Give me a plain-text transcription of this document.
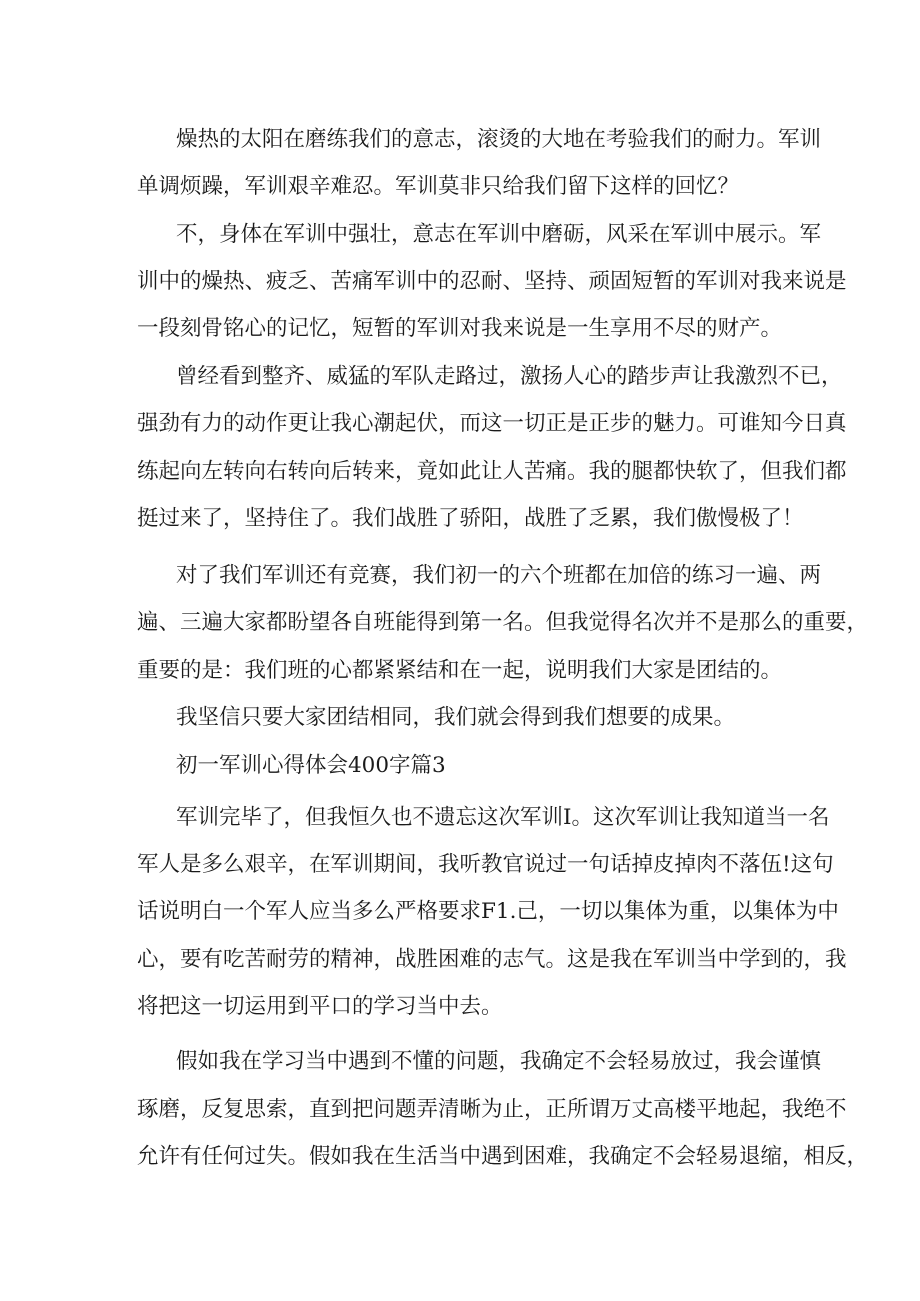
燥热的太阳在磨练我们的意志，滚烫的大地在考验我们的耐力。军训
单调烦躁，军训艰辛难忍。军训莫非只给我们留下这样的回忆？
不，身体在军训中强壮，意志在军训中磨砺，风采在军训中展示。军
训中的燥热、疲乏、苦痛军训中的忍耐、坚持、顽固短暂的军训对我来说是
一段刻骨铭心的记忆，短暂的军训对我来说是一生享用不尽的财产。
曾经看到整齐、威猛的军队走路过，激扬人心的踏步声让我激烈不已，
强劲有力的动作更让我心潮起伏，而这一切正是正步的魅力。可谁知今日真
练起向左转向右转向后转来，竟如此让人苦痛。我的腿都快软了，但我们都
挺过来了，坚持住了。我们战胜了骄阳，战胜了乏累，我们傲慢极了！
对了我们军训还有竞赛，我们初一的六个班都在加倍的练习一遍、两
遍、三遍大家都盼望各自班能得到第一名。但我觉得名次并不是那么的重要，
重要的是：我们班的心都紧紧结和在一起，说明我们大家是团结的。
我坚信只要大家团结相同，我们就会得到我们想要的成果。
初一军训心得体会400字篇3
军训完毕了，但我恒久也不遗忘这次军训I。这次军训让我知道当一名
军人是多么艰辛，在军训期间，我听教官说过一句话掉皮掉肉不落伍!这句
话说明白一个军人应当多么严格要求F1.己，一切以集体为重，以集体为中
心，要有吃苦耐劳的精神，战胜困难的志气。这是我在军训当中学到的，我
将把这一切运用到平口的学习当中去。
假如我在学习当中遇到不懂的问题，我确定不会轻易放过，我会谨慎
琢磨，反复思索，直到把问题弄清晰为止，正所谓万丈高楼平地起，我绝不
允许有任何过失。假如我在生活当中遇到困难，我确定不会轻易退缩，相反，
